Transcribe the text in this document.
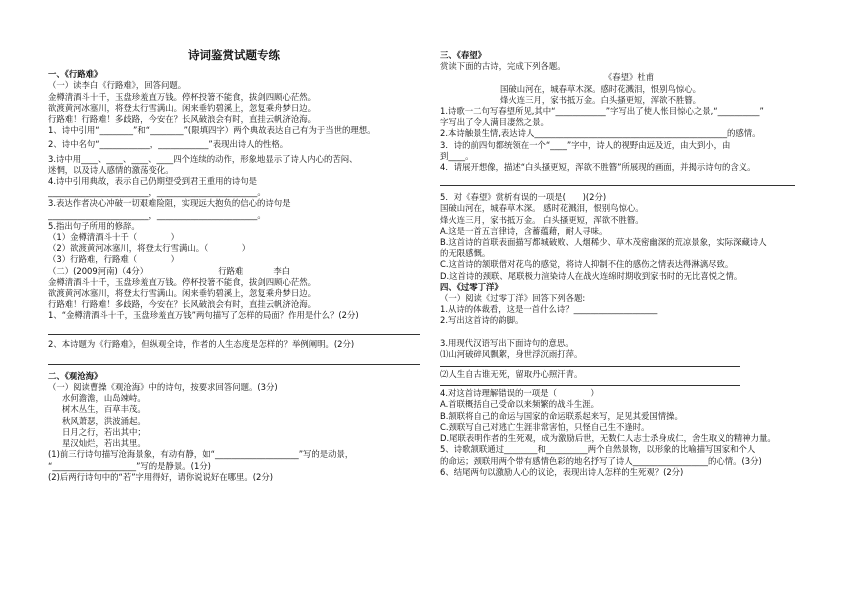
诗词鉴赏试题专练
一、《行路难》
（一）读李白《行路难》，回答问题。
金樽清酒斗十千，玉盘珍羞直万钱。停杯投箸不能食，拔剑四顾心茫然。
欲渡黄河冰塞川，将登太行雪满山。闲来垂钓碧溪上，忽复乘舟梦日边。
行路难！行路难！多歧路，今安在？长风破浪会有时，直挂云帆济沧海。
1、诗中引用“________”和“________”(限填四字）两个典故表达自己有为于当世的理想。
2、诗中名句“____________，____________”表现出诗人的性格。
3.诗中用____、____、____、____四个连续的动作，形象地显示了诗人内心的苦闷、
迷惘，以及诗人感情的激荡变化。
4.诗中引用典故，表示自己仍期望受到君王重用的诗句是
________________________，________________________。
3.表达作者决心冲破一切艰难险阻，实现远大抱负的信心的诗句是
________________________，________________________。
5.指出句子所用的修辞。
（1）金樽清酒斗十千（　　　　）
（2）欲渡黄河冰塞川，将登太行雪满山。（　　　　）
（3）行路难，行路难（　　　　）
（二）(2009河南)（4分）	行路难	李白
金樽清酒斗十千，玉盘珍羞直万钱。停杯投箸不能食，拔剑四顾心茫然。
欲渡黄河冰塞川，将登太行雪满山。闲来垂钓碧溪上，忽复乘舟梦日边。
行路难！行路难！多歧路，今安在？长风破浪会有时，直挂云帆济沧海。
1、“金樽清酒斗十千，玉盘珍羞直万钱”两句描写了怎样的局面？作用是什么？(2分)
2、本诗题为《行路难》，但纵观全诗，作者的人生态度是怎样的？举例阐明。(2分)
二、《观沧海》
（一）阅读曹操《观沧海》中的诗句，按要求回答问题。(3分)
水何澹澹，山岛竦峙。
树木丛生，百草丰茂。
秋风萧瑟，洪波涌起。
日月之行，若出其中；
星汉灿烂，若出其里。
(1)前三行诗句描写沧海景象，有动有静，如“____________________”写的是动景，
“____________________”写的是静景。(1分)
(2)后两行诗句中的“若”字用得好，请你说说好在哪里。(2分)
三、《春望》
赏读下面的古诗，完成下列各题。
《春望》杜甫
国破山河在，城春草木深。感时花溅泪，恨别鸟惊心。
烽火连三月，家书抵万金。白头搔更短，浑欲不胜簪。
1.诗歌一二句写春望所见,其中“____________”字写出了使人怅目惊心之景,“__________”
字写出了令人满目凄然之景。
2.本诗触景生情,表达诗人______________________________________________的感情。
3．诗的前四句都统领在一个“____”字中，诗人的视野由远及近，由大到小，由
到____。
4．请展开想像，描述“白头搔更短，浑欲不胜簪”所展现的画面，并揭示诗句的含义。
5．对《春望》赏析有误的一项是(　　)(2分)
国破山河在，城春草木深。 感时花溅泪，恨别鸟惊心。
烽火连三月，家书抵万金。 白头搔更短，浑欲不胜簪。
A.这是一首五言律诗，含蓄蕴藉，耐人寻味。
B.这首诗的首联表面描写都城破败、人烟稀少、草木茂密幽深的荒凉景象，实际深藏诗人
的无限感慨。
C.这首诗的颔联借对花鸟的感觉，将诗人抑制不住的感伤之情表达得淋漓尽致。
D.这首诗的颈联、尾联极力渲染诗人在战火连绵时期收到家书时的无比喜悦之情。
四、《过零丁洋》
（一）阅读《过零丁洋》回答下列各题:
1.从诗的体裁看，这是一首什么诗？____________________
2.写出这首诗的韵脚。
3.用现代汉语写出下面诗句的意思。
⑴山河破碎风飘絮，身世浮沉雨打萍。
⑵人生自古谁无死，留取丹心照汗青。
4.对这首诗理解错误的一项是（　　　　）
A.首联概括自己受命以来频繁的战斗生涯。
B.颔联将自己的命运与国家的命运联系起来写，足见其爱国情操。
C.颈联写自己对逃亡生涯非常害怕，只怪自己生不逢时。
D.尾联表明作者的生死观，成为激励后世，无数仁人志士杀身成仁，舍生取义的精神力量。
5、诗歌颔联通过________和__________两个自然景物，以形象的比喻描写国家和个人
的命运；颈联用两个带有感情色彩的地名抒写了诗人__________________的心情。(3分)
6、结尾两句以激励人心的议论，表现出诗人怎样的生死观？(2分)
